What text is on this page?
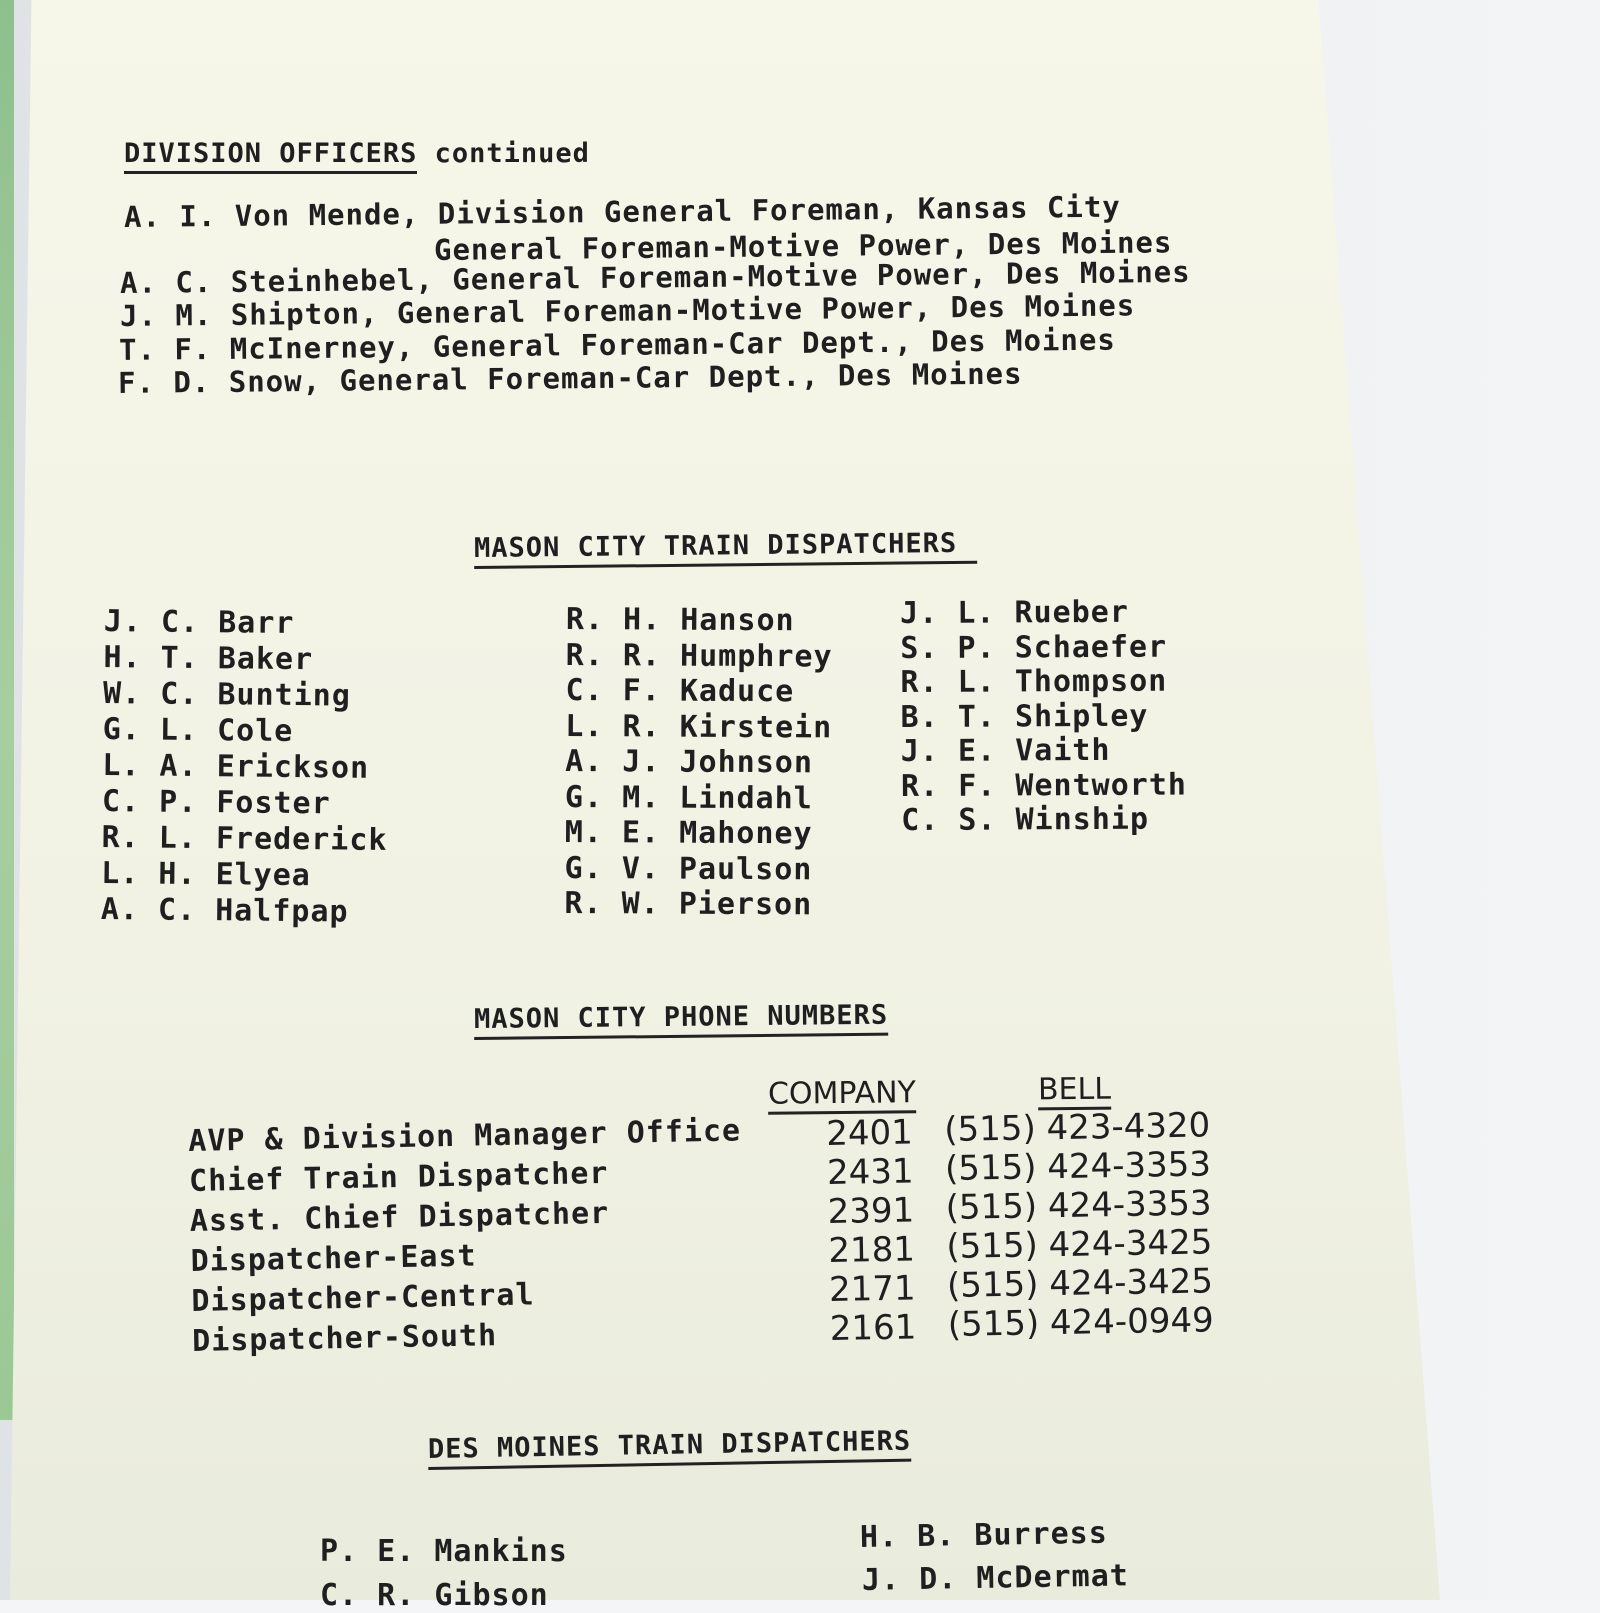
DIVISION OFFICERS continued
A. I. Von Mende, Division General Foreman, Kansas City
General Foreman-Motive Power, Des Moines
A. C. Steinhebel, General Foreman-Motive Power, Des Moines
J. M. Shipton, General Foreman-Motive Power, Des Moines
T. F. McInerney, General Foreman-Car Dept., Des Moines
F. D. Snow, General Foreman-Car Dept., Des Moines
MASON CITY TRAIN DISPATCHERS
J. C. Barr
H. T. Baker
W. C. Bunting
G. L. Cole
L. A. Erickson
C. P. Foster
R. L. Frederick
L. H. Elyea
A. C. Halfpap
R. H. Hanson
R. R. Humphrey
C. F. Kaduce
L. R. Kirstein
A. J. Johnson
G. M. Lindahl
M. E. Mahoney
G. V. Paulson
R. W. Pierson
J. L. Rueber
S. P. Schaefer
R. L. Thompson
B. T. Shipley
J. E. Vaith
R. F. Wentworth
C. S. Winship
MASON CITY PHONE NUMBERS
COMPANY	BELL
AVP & Division Manager Office
Chief Train Dispatcher
Asst. Chief Dispatcher
Dispatcher-East
Dispatcher-Central
Dispatcher-South
2401
2431
2391
2181
2171
2161
(515) 423-4320
(515) 424-3353
(515) 424-3353
(515) 424-3425
(515) 424-3425
(515) 424-0949
DES MOINES TRAIN DISPATCHERS
P. E. Mankins
C. R. Gibson
H. B. Burress
J. D. McDermat
